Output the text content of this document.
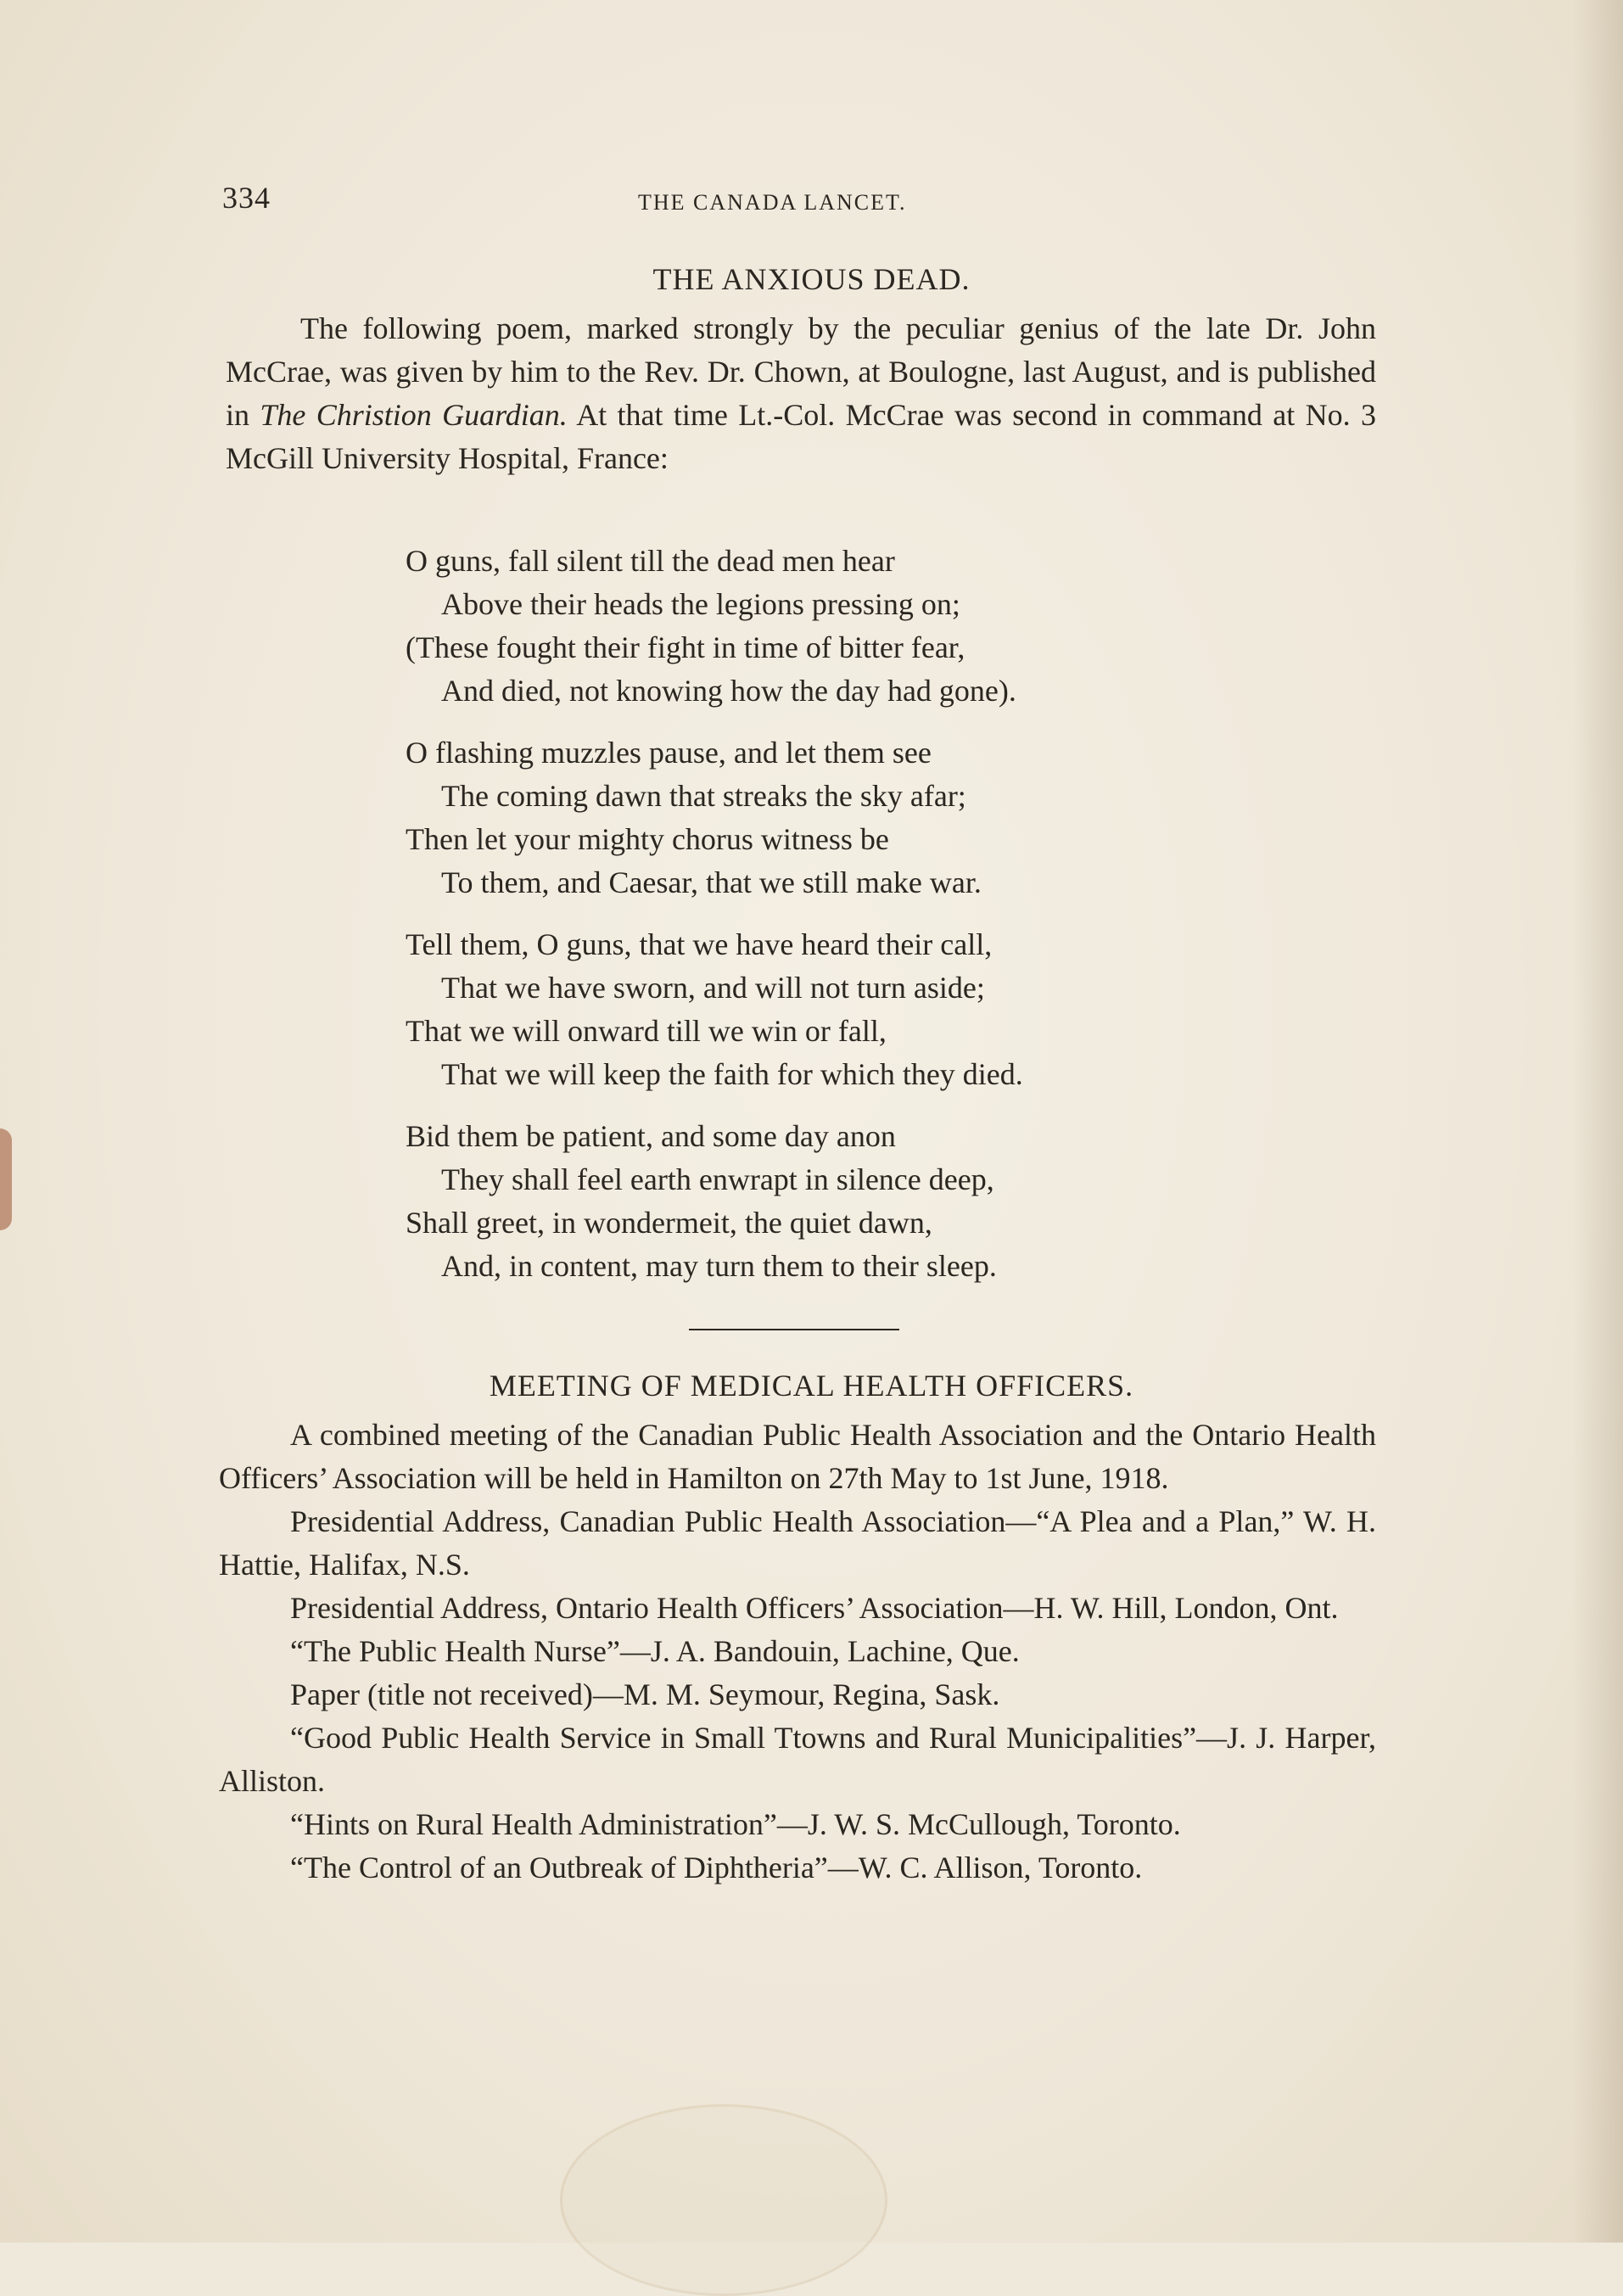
334	THE CANADA LANCET.
THE ANXIOUS DEAD.

The following poem, marked strongly by the peculiar genius of the late Dr. John McCrae, was given by him to the Rev. Dr. Chown, at Boulogne, last August, and is published in The Christion Guardian. At that time Lt.-Col. McCrae was second in command at No. 3 McGill University Hospital, France:

O guns, fall silent till the dead men hear
Above their heads the legions pressing on;
(These fought their fight in time of bitter fear,
And died, not knowing how the day had gone).
O flashing muzzles pause, and let them see
The coming dawn that streaks the sky afar;
Then let your mighty chorus witness be
To them, and Caesar, that we still make war.
Tell them, O guns, that we have heard their call,
That we have sworn, and will not turn aside;
That we will onward till we win or fall,
That we will keep the faith for which they died.
Bid them be patient, and some day anon
They shall feel earth enwrapt in silence deep,
Shall greet, in wondermeit, the quiet dawn,
And, in content, may turn them to their sleep.
MEETING OF MEDICAL HEALTH OFFICERS.

A combined meeting of the Canadian Public Health Association and the Ontario Health Officers’ Association will be held in Hamilton on 27th May to 1st June, 1918.

Presidential Address, Canadian Public Health Association—“A Plea and a Plan,” W. H. Hattie, Halifax, N.S.

Presidential Address, Ontario Health Officers’ Association—H. W. Hill, London, Ont.

“The Public Health Nurse”—J. A. Bandouin, Lachine, Que.

Paper (title not received)—M. M. Seymour, Regina, Sask.

“Good Public Health Service in Small Ttowns and Rural Municipalities”—J. J. Harper, Alliston.

“Hints on Rural Health Administration”—J. W. S. McCullough, Toronto.

“The Control of an Outbreak of Diphtheria”—W. C. Allison, Toronto.
